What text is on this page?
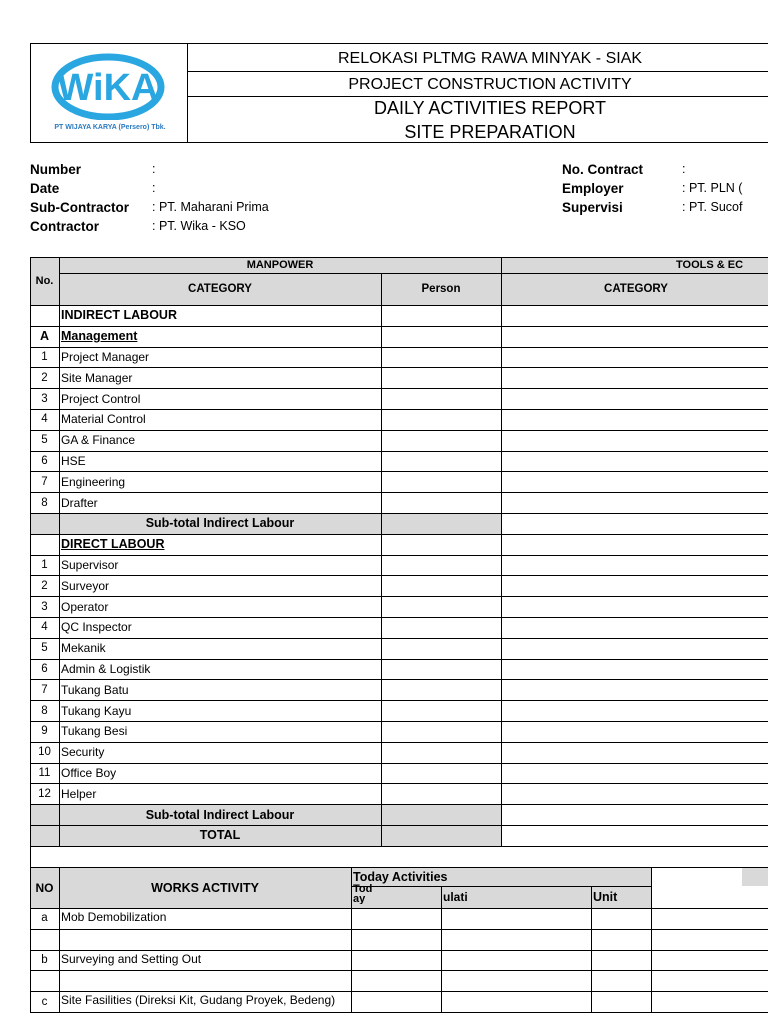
WiKA
PT WIJAYA KARYA (Persero) Tbk.
RELOKASI PLTMG RAWA MINYAK - SIAK
PROJECT CONSTRUCTION ACTIVITY
DAILY ACTIVITIES REPORT
SITE PREPARATION
Number	:
Date	:
Sub-Contractor : PT. Maharani Prima
Contractor	: PT. Wika - KSO
No. Contract	:
Employer	: PT. PLN (
Supervisi	: PT. Sucof
No.
MANPOWER
CATEGORY	Person
TOOLS & EC
CATEGORY
INDIRECT LABOUR
A Management
1	Project Manager
2	Site Manager
3	Project Control
4	Material Control
5	GA & Finance
6	HSE
7	Engineering
8	Drafter
Sub-total Indirect Labour
DIRECT LABOUR
1	Supervisor
2	Surveyor
3	Operator
4	QC Inspector
5	Mekanik
6	Admin & Logistik
7	Tukang Batu
8	Tukang Kayu
9	Tukang Besi
10 Security
11 Office Boy
12 Helper
Sub-total Indirect Labour
TOTAL
NO	WORKS ACTIVITY
Today Activities
Tod
ay	ulati	Unit
a	Mob Demobilization
b	Surveying and Setting Out
c	Site Fasilities (Direksi Kit, Gudang Proyek, Bedeng)
